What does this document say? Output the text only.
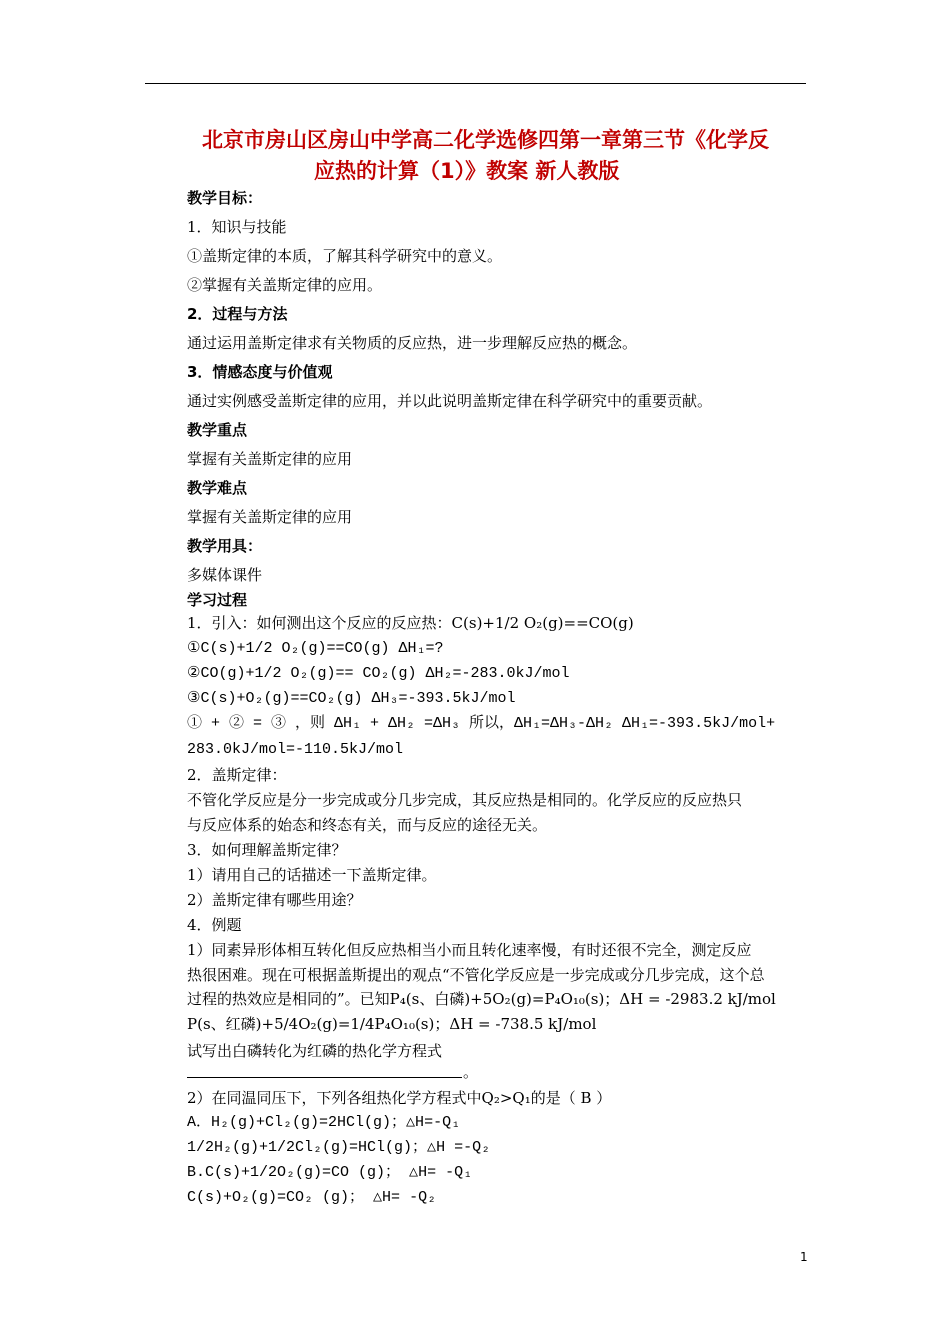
北京市房山区房山中学高二化学选修四第一章第三节《化学反
应热的计算（1）》教案 新人教版
教学目标：
1．知识与技能
①盖斯定律的本质，了解其科学研究中的意义。
②掌握有关盖斯定律的应用。
2．过程与方法
通过运用盖斯定律求有关物质的反应热，进一步理解反应热的概念。
3．情感态度与价值观
通过实例感受盖斯定律的应用，并以此说明盖斯定律在科学研究中的重要贡献。
教学重点
掌握有关盖斯定律的应用
教学难点
掌握有关盖斯定律的应用
教学用具：
多媒体课件
学习过程
1．引入：如何测出这个反应的反应热：C(s)+1/2 O₂(g)==CO(g)
①C(s)+1/2 O₂(g)==CO(g) ΔH₁=?
②CO(g)+1/2 O₂(g)== CO₂(g) ΔH₂=-283.0kJ/mol
③C(s)+O₂(g)==CO₂(g) ΔH₃=-393.5kJ/mol
① + ② = ③ ，则 ΔH₁ + ΔH₂ =ΔH₃ 所以，ΔH₁=ΔH₃-ΔH₂ ΔH₁=-393.5kJ/mol+
283.0kJ/mol=-110.5kJ/mol
2．盖斯定律：
不管化学反应是分一步完成或分几步完成，其反应热是相同的。化学反应的反应热只
与反应体系的始态和终态有关，而与反应的途径无关。
3．如何理解盖斯定律？
1）请用自己的话描述一下盖斯定律。
2）盖斯定律有哪些用途？
4．例题
1）同素异形体相互转化但反应热相当小而且转化速率慢，有时还很不完全，测定反应
热很困难。现在可根据盖斯提出的观点“不管化学反应是一步完成或分几步完成，这个总
过程的热效应是相同的”。已知P₄(s、白磷)+5O₂(g)=P₄O₁₀(s)；ΔH = -2983.2 kJ/mol
P(s、红磷)+5/4O₂(g)=1/4P₄O₁₀(s)；ΔH = -738.5 kJ/mol
试写出白磷转化为红磷的热化学方程式
。
2）在同温同压下，下列各组热化学方程式中Q₂>Q₁的是（ B ）
A．H₂(g)+Cl₂(g)=2HCl(g)；△H=-Q₁
1/2H₂(g)+1/2Cl₂(g)=HCl(g)；△H =-Q₂
B.C(s)+1/2O₂(g)=CO (g)； △H= -Q₁
C(s)+O₂(g)=CO₂ (g)； △H= -Q₂
1
